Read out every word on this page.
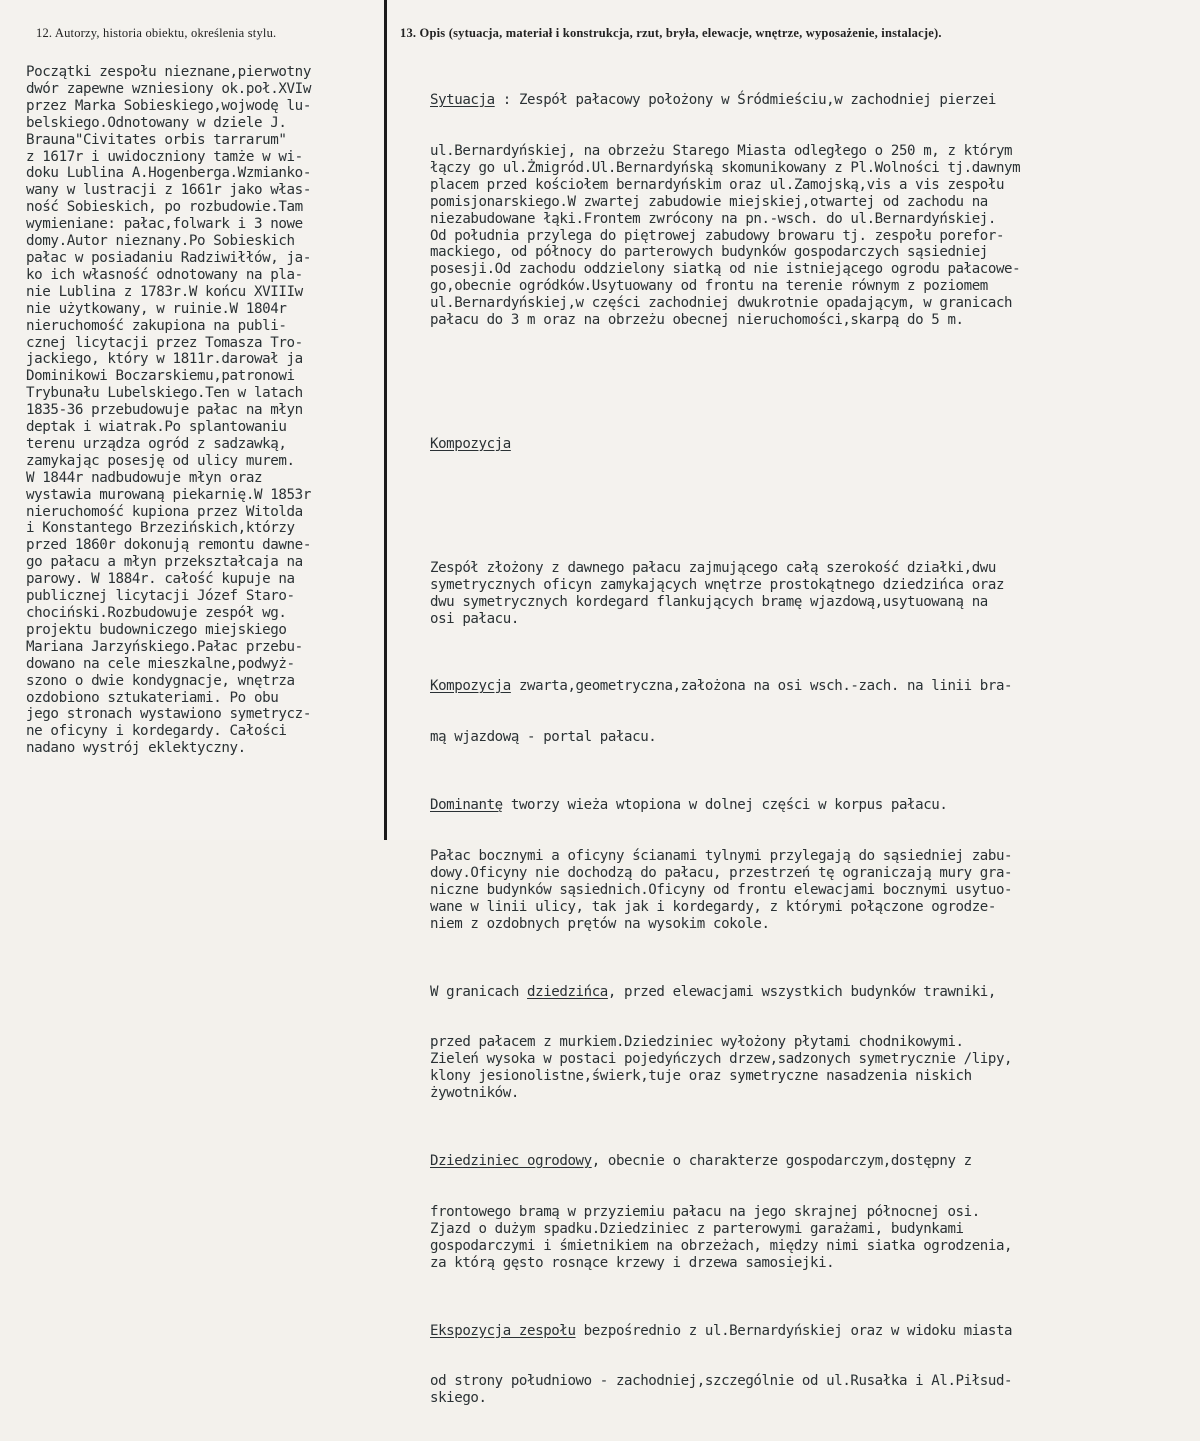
12. Autorzy, historia obiektu, określenia stylu.	13. Opis (sytuacja, materiał i konstrukcja, rzut, bryła, elewacje, wnętrze, wyposażenie, instalacje).
Początki zespołu nieznane,pierwotny
dwór zapewne wzniesiony ok.poł.XVIw
przez Marka Sobieskiego,wojwodę lu-
belskiego.Odnotowany w dziele J.
Brauna"Civitates orbis tarrarum"
z 1617r i uwidoczniony tamże w wi-
doku Lublina A.Hogenberga.Wzmianko-
wany w lustracji z 1661r jako włas-
ność Sobieskich, po rozbudowie.Tam
wymieniane: pałac,folwark i 3 nowe
domy.Autor nieznany.Po Sobieskich
pałac w posiadaniu Radziwiłłów, ja-
ko ich własność odnotowany na pla-
nie Lublina z 1783r.W końcu XVIIIw
nie użytkowany, w ruinie.W 1804r
nieruchomość zakupiona na publi-
cznej licytacji przez Tomasza Tro-
jackiego, który w 1811r.darował ja
Dominikowi Boczarskiemu,patronowi
Trybunału Lubelskiego.Ten w latach
1835-36 przebudowuje pałac na młyn
deptak i wiatrak.Po splantowaniu
terenu urządza ogród z sadzawką,
zamykając posesję od ulicy murem.
W 1844r nadbudowuje młyn oraz
wystawia murowaną piekarnię.W 1853r
nieruchomość kupiona przez Witolda
i Konstantego Brzezińskich,którzy
przed 1860r dokonują remontu dawne-
go pałacu a młyn przekształcaja na
parowy. W 1884r. całość kupuje na
publicznej licytacji Józef Staro-
chociński.Rozbudowuje zespół wg.
projektu budowniczego miejskiego
Mariana Jarzyńskiego.Pałac przebu-
dowano na cele mieszkalne,podwyż-
szono o dwie kondygnacje, wnętrza
ozdobiono sztukateriami. Po obu
jego stronach wystawiono symetrycz-
ne oficyny i kordegardy. Całości
nadano wystrój eklektyczny.

Sytuacja : Zespół pałacowy położony w Śródmieściu,w zachodniej pierzei

ul.Bernardyńskiej, na obrzeżu Starego Miasta odległego o 250 m, z którym
łączy go ul.Żmigród.Ul.Bernardyńską skomunikowany z Pl.Wolności tj.dawnym
placem przed kościołem bernardyńskim oraz ul.Zamojską,vis a vis zespołu
pomisjonarskiego.W zwartej zabudowie miejskiej,otwartej od zachodu na
niezabudowane łąki.Frontem zwrócony na pn.-wsch. do ul.Bernardyńskiej.
Od południa przylega do piętrowej zabudowy browaru tj. zespołu porefor-
mackiego, od północy do parterowych budynków gospodarczych sąsiedniej
posesji.Od zachodu oddzielony siatką od nie istniejącego ogrodu pałacowe-
go,obecnie ogródków.Usytuowany od frontu na terenie równym z poziomem
ul.Bernardyńskiej,w części zachodniej dwukrotnie opadającym, w granicach
pałacu do 3 m oraz na obrzeżu obecnej nieruchomości,skarpą do 5 m.

Kompozycja

Zespół złożony z dawnego pałacu zajmującego całą szerokość działki,dwu
symetrycznych oficyn zamykających wnętrze prostokątnego dziedzińca oraz
dwu symetrycznych kordegard flankujących bramę wjazdową,usytuowaną na
osi pałacu.

Kompozycja zwarta,geometryczna,założona na osi wsch.-zach. na linii bra-

mą wjazdową - portal pałacu.

Dominantę tworzy wieża wtopiona w dolnej części w korpus pałacu.

Pałac bocznymi a oficyny ścianami tylnymi przylegają do sąsiedniej zabu-
dowy.Oficyny nie dochodzą do pałacu, przestrzeń tę ograniczają mury gra-
niczne budynków sąsiednich.Oficyny od frontu elewacjami bocznymi usytuo-
wane w linii ulicy, tak jak i kordegardy, z którymi połączone ogrodze-
niem z ozdobnych prętów na wysokim cokole.

W granicach dziedzińca, przed elewacjami wszystkich budynków trawniki,

przed pałacem z murkiem.Dziedziniec wyłożony płytami chodnikowymi.
Zieleń wysoka w postaci pojedyńczych drzew,sadzonych symetrycznie /lipy,
klony jesionolistne,świerk,tuje oraz symetryczne nasadzenia niskich
żywotników.

Dziedziniec ogrodowy, obecnie o charakterze gospodarczym,dostępny z

frontowego bramą w przyziemiu pałacu na jego skrajnej północnej osi.
Zjazd o dużym spadku.Dziedziniec z parterowymi garażami, budynkami
gospodarczymi i śmietnikiem na obrzeżach, między nimi siatka ogrodzenia,
za którą gęsto rosnące krzewy i drzewa samosiejki.

Ekspozycja zespołu bezpośrednio z ul.Bernardyńskiej oraz w widoku miasta

od strony południowo - zachodniej,szczególnie od ul.Rusałka i Al.Piłsud-
skiego.
